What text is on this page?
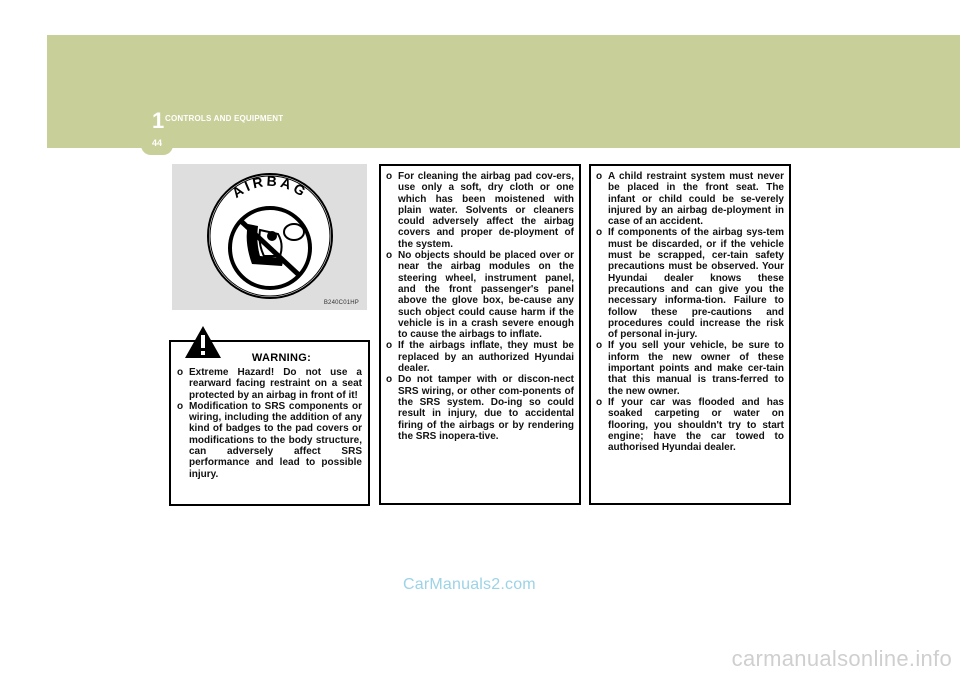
1 CONTROLS AND EQUIPMENT
44
AIRBAG
B240C01HP
WARNING:
o Extreme Hazard! Do not use a rearward facing restraint on a seat protected by an airbag in front of it!
o Modification to SRS components or wiring, including the addition of any kind of badges to the pad covers or modifications to the body structure, can adversely affect SRS performance and lead to possible injury.
o For cleaning the airbag pad cov-ers, use only a soft, dry cloth or one which has been moistened with plain water. Solvents or cleaners could adversely affect the airbag covers and proper de-ployment of the system.
o No objects should be placed over or near the airbag modules on the steering wheel, instrument panel, and the front passenger's panel above the glove box, be-cause any such object could cause harm if the vehicle is in a crash severe enough to cause the airbags to inflate.
o If the airbags inflate, they must be replaced by an authorized Hyundai dealer.
o Do not tamper with or discon-nect SRS wiring, or other com-ponents of the SRS system. Do-ing so could result in injury, due to accidental firing of the airbags or by rendering the SRS inopera-tive.
o A child restraint system must never be placed in the front seat. The infant or child could be se-verely injured by an airbag de-ployment in case of an accident.
o If components of the airbag sys-tem must be discarded, or if the vehicle must be scrapped, cer-tain safety precautions must be observed. Your Hyundai dealer knows these precautions and can give you the necessary informa-tion. Failure to follow these pre-cautions and procedures could increase the risk of personal in-jury.
o If you sell your vehicle, be sure to inform the new owner of these important points and make cer-tain that this manual is trans-ferred to the new owner.
o If your car was flooded and has soaked carpeting or water on flooring, you shouldn't try to start engine; have the car towed to authorised Hyundai dealer.
CarManuals2.com
carmanualsonline.info
